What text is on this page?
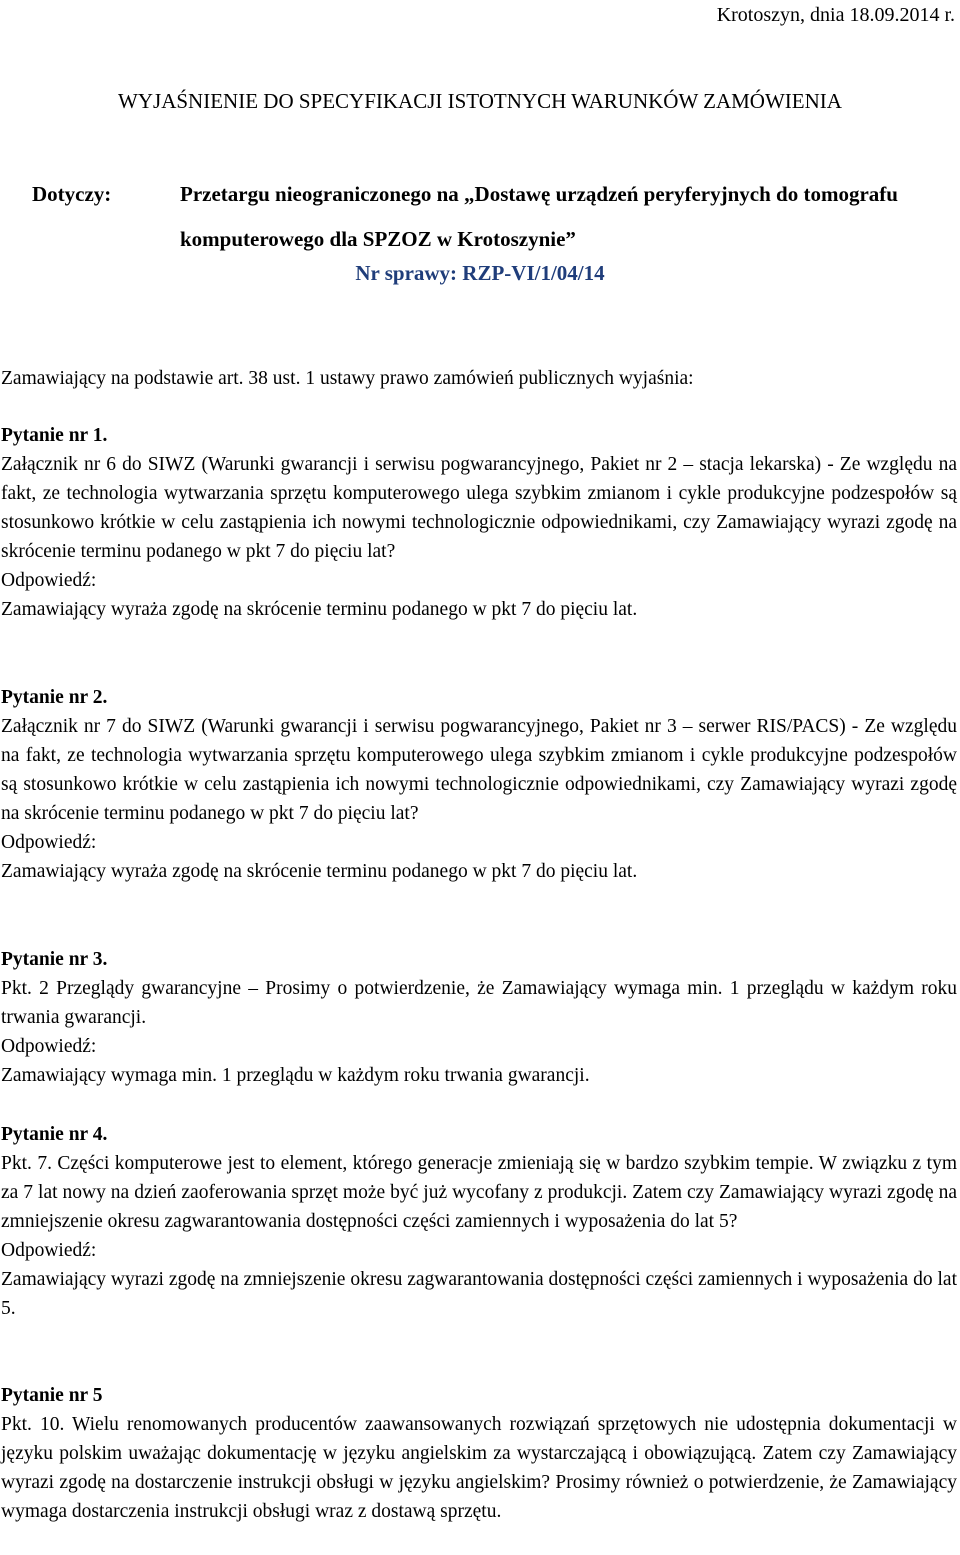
Krotoszyn, dnia 18.09.2014 r.
WYJAŚNIENIE DO SPECYFIKACJI ISTOTNYCH WARUNKÓW ZAMÓWIENIA
Dotyczy:	Przetargu nieograniczonego na „Dostawę urządzeń peryferyjnych do tomografu komputerowego dla SPZOZ w Krotoszynie”
Nr sprawy: RZP-VI/1/04/14
Zamawiający na podstawie art. 38 ust. 1 ustawy prawo zamówień publicznych wyjaśnia:
Pytanie nr 1.
Załącznik nr 6 do SIWZ (Warunki gwarancji i serwisu pogwarancyjnego, Pakiet nr 2 – stacja lekarska) - Ze względu na fakt, ze technologia wytwarzania sprzętu komputerowego ulega szybkim zmianom i cykle produkcyjne podzespołów są stosunkowo krótkie w celu zastąpienia ich nowymi technologicznie odpowiednikami, czy Zamawiający wyrazi zgodę na skrócenie terminu podanego w pkt 7 do pięciu lat?
Odpowiedź:
Zamawiający wyraża zgodę na skrócenie terminu podanego w pkt 7 do pięciu lat.
Pytanie nr 2.
Załącznik nr 7 do SIWZ (Warunki gwarancji i serwisu pogwarancyjnego, Pakiet nr 3 – serwer RIS/PACS) - Ze względu na fakt, ze technologia wytwarzania sprzętu komputerowego ulega szybkim zmianom i cykle produkcyjne podzespołów są stosunkowo krótkie w celu zastąpienia ich nowymi technologicznie odpowiednikami, czy Zamawiający wyrazi zgodę na skrócenie terminu podanego w pkt 7 do pięciu lat?
Odpowiedź:
Zamawiający wyraża zgodę na skrócenie terminu podanego w pkt 7 do pięciu lat.
Pytanie nr 3.
Pkt. 2 Przeglądy gwarancyjne – Prosimy o potwierdzenie, że Zamawiający wymaga min. 1 przeglądu w każdym roku trwania gwarancji.
Odpowiedź:
Zamawiający wymaga min. 1 przeglądu w każdym roku trwania gwarancji.
Pytanie nr 4.
Pkt. 7. Części komputerowe jest to element, którego generacje zmieniają się w bardzo szybkim tempie. W związku z tym za 7 lat nowy na dzień zaoferowania sprzęt może być już wycofany z produkcji. Zatem czy Zamawiający wyrazi zgodę na zmniejszenie okresu zagwarantowania dostępności części zamiennych i wyposażenia do lat 5?
Odpowiedź:
Zamawiający wyrazi zgodę na zmniejszenie okresu zagwarantowania dostępności części zamiennych i wyposażenia do lat 5.
Pytanie nr 5
Pkt. 10. Wielu renomowanych producentów zaawansowanych rozwiązań sprzętowych nie udostępnia dokumentacji w języku polskim uważając dokumentację w języku angielskim za wystarczającą i obowiązującą. Zatem czy Zamawiający wyrazi zgodę na dostarczenie instrukcji obsługi w języku angielskim? Prosimy również o potwierdzenie, że Zamawiający wymaga dostarczenia instrukcji obsługi wraz z dostawą sprzętu.
